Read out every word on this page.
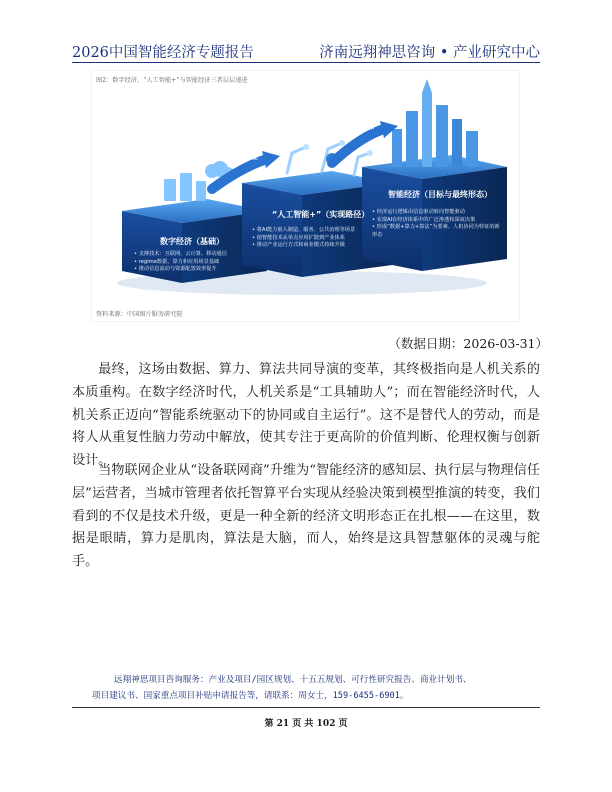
2026中国智能经济专题报告	济南远翔神思咨询 • 产业研究中心
图2：数字经济、“人工智能+”与智能经济三者层层递进
演进路径
发展目标
数字经济（基础）
• 支撑技术：互联网、云计算、移动通信
• regime数据、算力和应用场景基础
• 推动信息流动与资源配置效率提升
“人工智能+”（实现路径）
• 将AI能力嵌入制造、服务、公共治理等场景
• 使智能技术从单点应用扩散到产业体系
• 推动产业运行方式和商业模式持续升级
智能经济（目标与最终形态）
• 经济运行逻辑由信息驱动转向智能驱动
• 实现AI在经济体系中的广泛渗透和深度决策
• 形成“数据+算力+算法”为要素、人机协同为特征的新形态
资料来源：中国图片服务研究院
（数据日期：2026-03-31）

最终，这场由数据、算力、算法共同导演的变革，其终极指向是人机关系的本质重构。在数字经济时代，人机关系是“工具辅助人”；而在智能经济时代，人机关系正迈向“智能系统驱动下的协同或自主运行”。这不是替代人的劳动，而是将人从重复性脑力劳动中解放，使其专注于更高阶的价值判断、伦理权衡与创新设计。

当物联网企业从“设备联网商”升维为“智能经济的感知层、执行层与物理信任层”运营者，当城市管理者依托智算平台实现从经验决策到模型推演的转变，我们看到的不仅是技术升级，更是一种全新的经济文明形态正在扎根——在这里，数据是眼睛，算力是肌肉，算法是大脑，而人，始终是这具智慧躯体的灵魂与舵手。

远翔神思项目咨询服务：产业及项目/园区规划、十五五规划、可行性研究报告、商业计划书、
项目建议书、国家重点项目补贴申请报告等，请联系：周女士，159-6455-6901。
第 21 页 共 102 页
